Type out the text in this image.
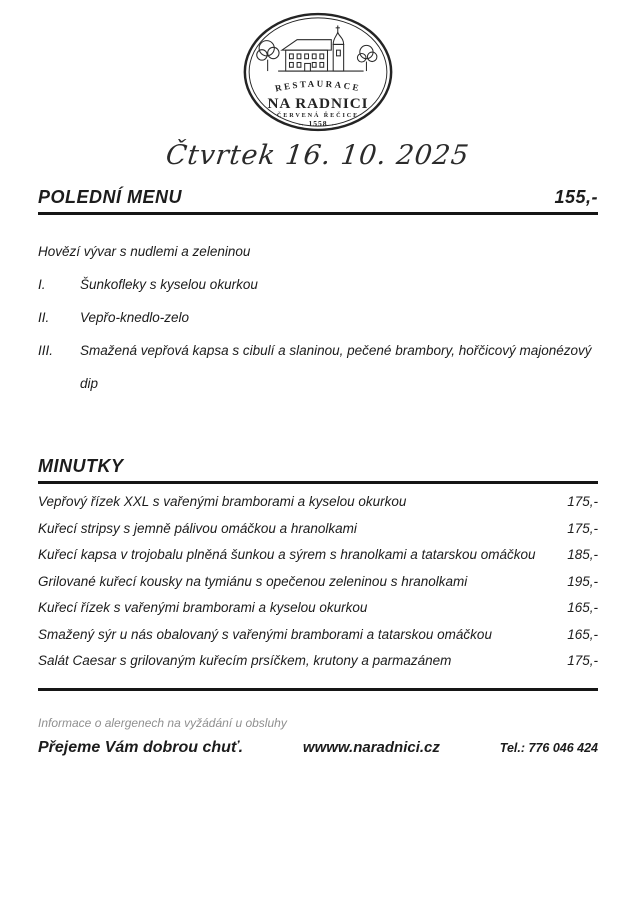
RESTAURACE
NA RADNICI
ČERVENÁ ŘEČICE
→ 1558 ←
Čtvrtek 16. 10. 2025
POLEDNÍ MENU	155,-
Hovězí vývar s nudlemi a zeleninou
I.	Šunkofleky s kyselou okurkou
II.	Vepřo-knedlo-zelo
III.	Smažená vepřová kapsa s cibulí a slaninou, pečené brambory, hořčicový majonézový dip
MINUTKY
Vepřový řízek XXL s vařenými bramborami a kyselou okurkou	175,-
Kuřecí stripsy s jemně pálivou omáčkou a hranolkami	175,-
Kuřecí kapsa v trojobalu plněná šunkou a sýrem s hranolkami a tatarskou omáčkou 185,-
Grilované kuřecí kousky na tymiánu s opečenou zeleninou s hranolkami	195,-
Kuřecí řízek s vařenými bramborami a kyselou okurkou	165,-
Smažený sýr u nás obalovaný s vařenými bramborami a tatarskou omáčkou	165,-
Salát Caesar s grilovaným kuřecím prsíčkem, krutony a parmazánem	175,-
Informace o alergenech na vyžádání u obsluhy
Přejeme Vám dobrou chuť.	wwww.naradnici.cz	Tel.: 776 046 424
